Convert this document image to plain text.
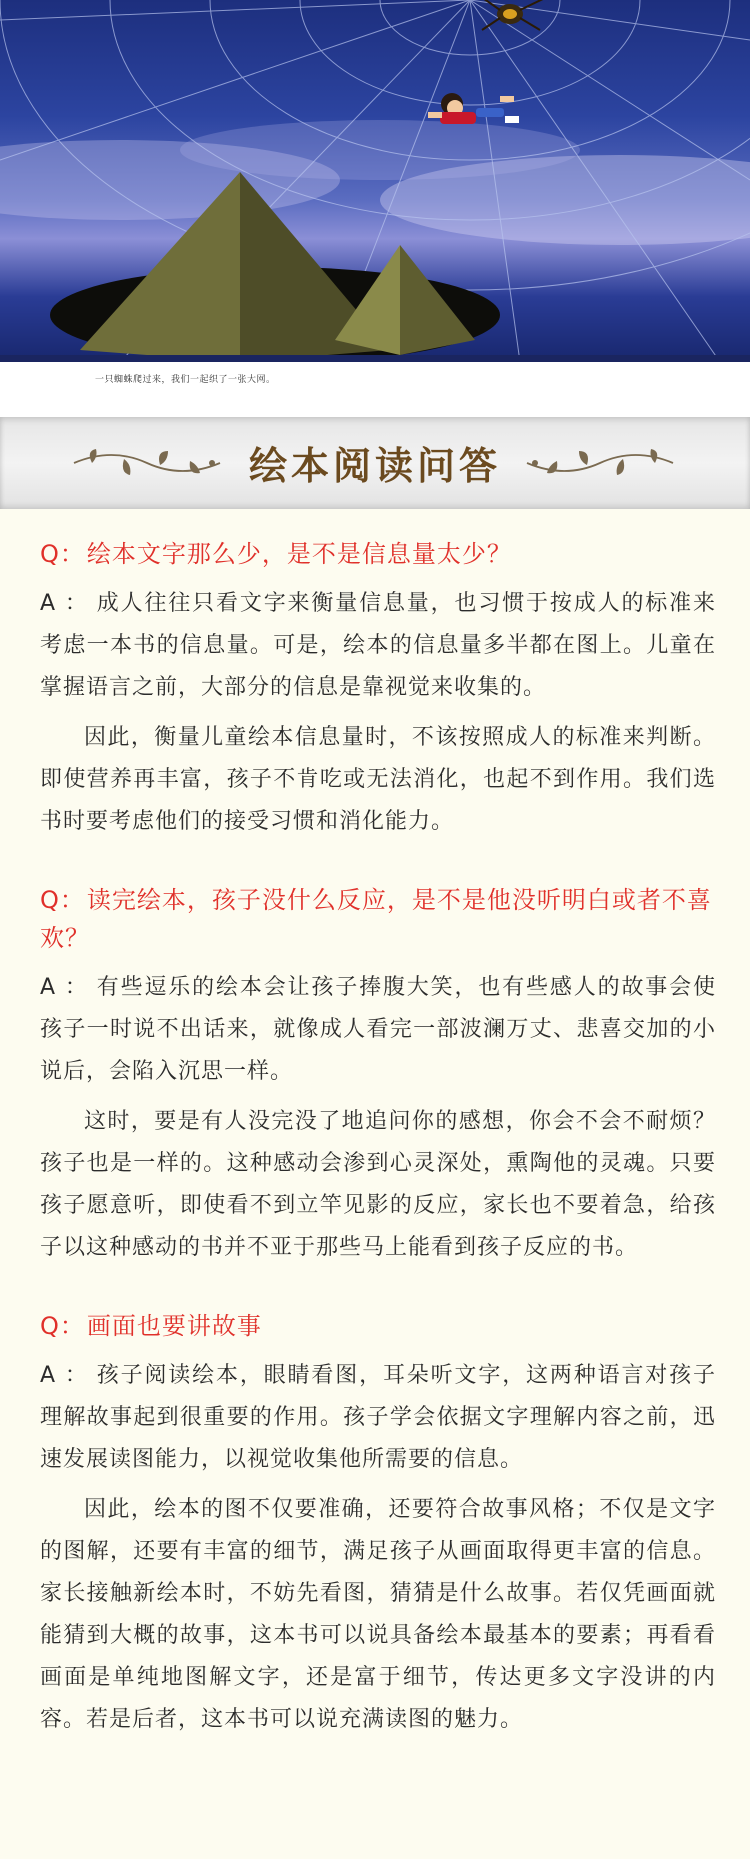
一只蜘蛛爬过来，我们一起织了一张大网。
绘本阅读问答
Q：绘本文字那么少，是不是信息量太少？
A ： 成人往往只看文字来衡量信息量，也习惯于按成人的标准来考虑一本书的信息量。可是，绘本的信息量多半都在图上。儿童在掌握语言之前，大部分的信息是靠视觉来收集的。
因此，衡量儿童绘本信息量时，不该按照成人的标准来判断。即使营养再丰富，孩子不肯吃或无法消化，也起不到作用。我们选书时要考虑他们的接受习惯和消化能力。
Q：读完绘本，孩子没什么反应，是不是他没听明白或者不喜欢？
A ： 有些逗乐的绘本会让孩子捧腹大笑，也有些感人的故事会使孩子一时说不出话来，就像成人看完一部波澜万丈、悲喜交加的小说后，会陷入沉思一样。
这时，要是有人没完没了地追问你的感想，你会不会不耐烦？孩子也是一样的。这种感动会渗到心灵深处，熏陶他的灵魂。只要孩子愿意听，即使看不到立竿见影的反应，家长也不要着急，给孩子以这种感动的书并不亚于那些马上能看到孩子反应的书。
Q：画面也要讲故事
A ： 孩子阅读绘本，眼睛看图，耳朵听文字，这两种语言对孩子理解故事起到很重要的作用。孩子学会依据文字理解内容之前，迅速发展读图能力，以视觉收集他所需要的信息。
因此，绘本的图不仅要准确，还要符合故事风格；不仅是文字的图解，还要有丰富的细节，满足孩子从画面取得更丰富的信息。家长接触新绘本时，不妨先看图，猜猜是什么故事。若仅凭画面就能猜到大概的故事，这本书可以说具备绘本最基本的要素；再看看画面是单纯地图解文字，还是富于细节，传达更多文字没讲的内容。若是后者，这本书可以说充满读图的魅力。
